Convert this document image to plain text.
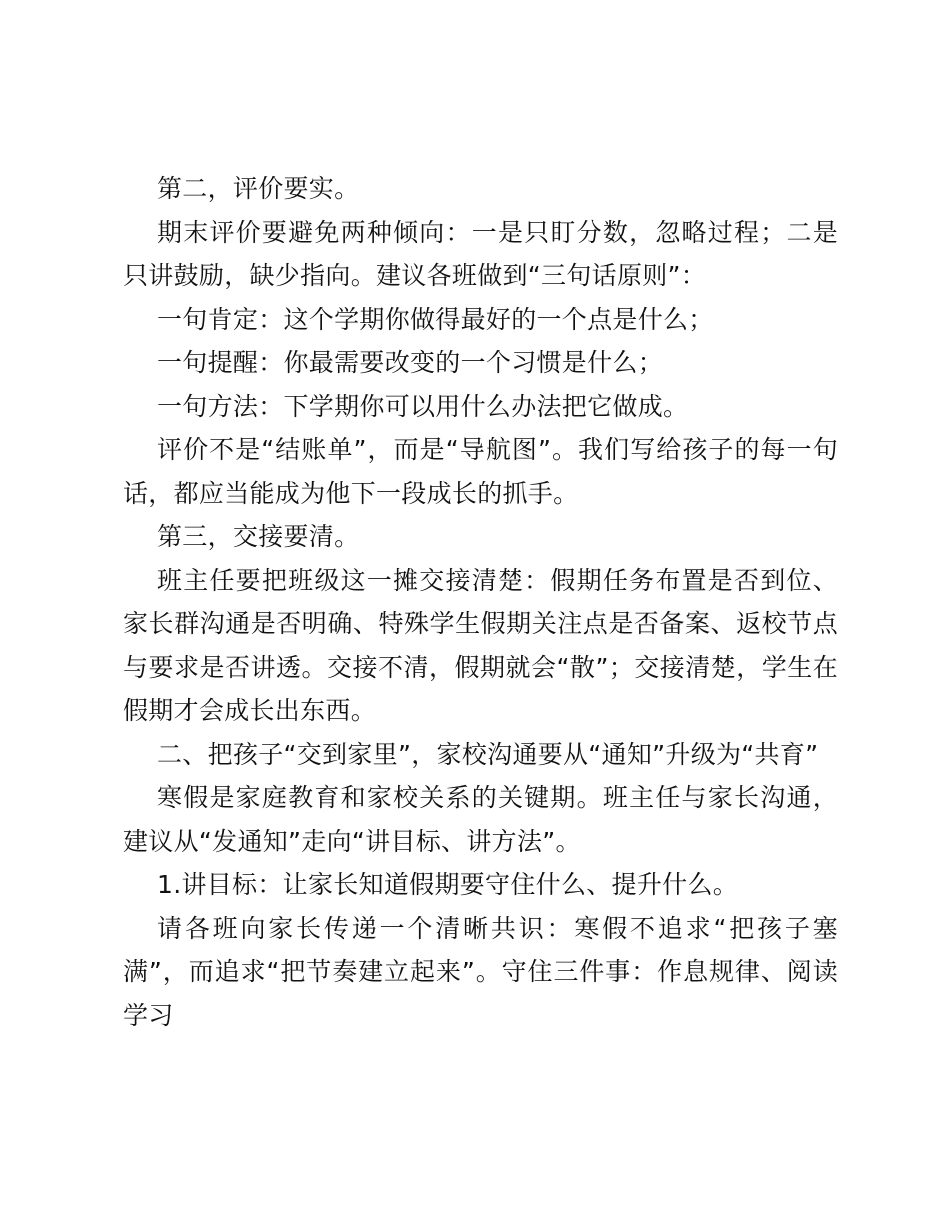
第二，评价要实。

期末评价要避免两种倾向：一是只盯分数，忽略过程；二是只讲鼓励，缺少指向。建议各班做到“三句话原则”：

一句肯定：这个学期你做得最好的一个点是什么；

一句提醒：你最需要改变的一个习惯是什么；

一句方法：下学期你可以用什么办法把它做成。

评价不是“结账单”，而是“导航图”。我们写给孩子的每一句话，都应当能成为他下一段成长的抓手。

第三，交接要清。

班主任要把班级这一摊交接清楚：假期任务布置是否到位、家长群沟通是否明确、特殊学生假期关注点是否备案、返校节点与要求是否讲透。交接不清，假期就会“散”；交接清楚，学生在假期才会成长出东西。

二、把孩子“交到家里”，家校沟通要从“通知”升级为“共育”

寒假是家庭教育和家校关系的关键期。班主任与家长沟通，建议从“发通知”走向“讲目标、讲方法”。

1.讲目标：让家长知道假期要守住什么、提升什么。

请各班向家长传递一个清晰共识：寒假不追求“把孩子塞满”，而追求“把节奏建立起来”。守住三件事：作息规律、阅读学习
